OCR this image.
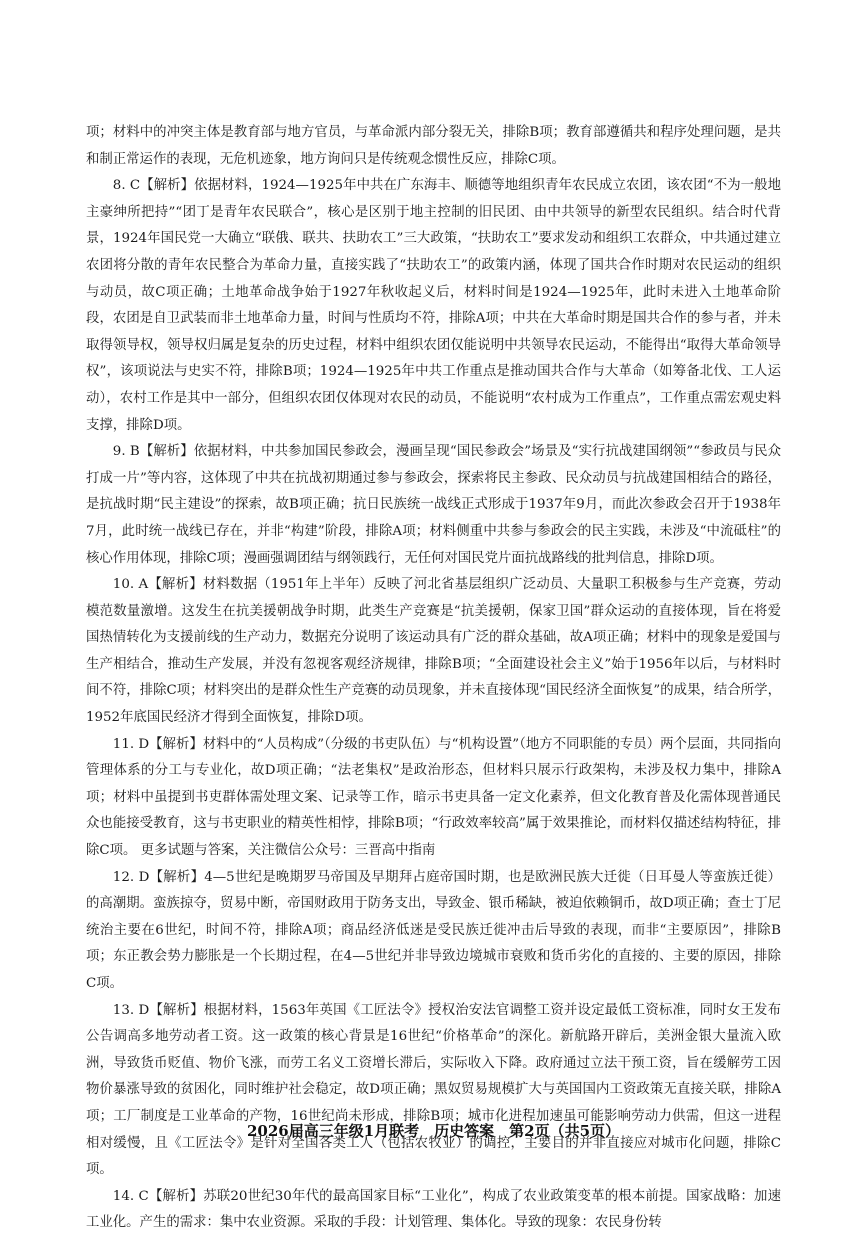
项；材料中的冲突主体是教育部与地方官员，与革命派内部分裂无关，排除B项；教育部遵循共和程序处理问题，是共和制正常运作的表现，无危机迹象，地方询问只是传统观念惯性反应，排除C项。

8. C【解析】依据材料，1924—1925年中共在广东海丰、顺德等地组织青年农民成立农团，该农团“不为一般地主豪绅所把持”“团丁是青年农民联合”，核心是区别于地主控制的旧民团、由中共领导的新型农民组织。结合时代背景，1924年国民党一大确立“联俄、联共、扶助农工”三大政策，“扶助农工”要求发动和组织工农群众，中共通过建立农团将分散的青年农民整合为革命力量，直接实践了“扶助农工”的政策内涵，体现了国共合作时期对农民运动的组织与动员，故C项正确；土地革命战争始于1927年秋收起义后，材料时间是1924—1925年，此时未进入土地革命阶段，农团是自卫武装而非土地革命力量，时间与性质均不符，排除A项；中共在大革命时期是国共合作的参与者，并未取得领导权，领导权归属是复杂的历史过程，材料中组织农团仅能说明中共领导农民运动，不能得出“取得大革命领导权”，该项说法与史实不符，排除B项；1924—1925年中共工作重点是推动国共合作与大革命（如筹备北伐、工人运动），农村工作是其中一部分，但组织农团仅体现对农民的动员，不能说明“农村成为工作重点”，工作重点需宏观史料支撑，排除D项。

9. B【解析】依据材料，中共参加国民参政会，漫画呈现“国民参政会”场景及“实行抗战建国纲领”“参政员与民众打成一片”等内容，这体现了中共在抗战初期通过参与参政会，探索将民主参政、民众动员与抗战建国相结合的路径，是抗战时期“民主建设”的探索，故B项正确；抗日民族统一战线正式形成于1937年9月，而此次参政会召开于1938年7月，此时统一战线已存在，并非“构建”阶段，排除A项；材料侧重中共参与参政会的民主实践，未涉及“中流砥柱”的核心作用体现，排除C项；漫画强调团结与纲领践行，无任何对国民党片面抗战路线的批判信息，排除D项。

10. A【解析】材料数据（1951年上半年）反映了河北省基层组织广泛动员、大量职工积极参与生产竞赛，劳动模范数量激增。这发生在抗美援朝战争时期，此类生产竞赛是“抗美援朝，保家卫国”群众运动的直接体现，旨在将爱国热情转化为支援前线的生产动力，数据充分说明了该运动具有广泛的群众基础，故A项正确；材料中的现象是爱国与生产相结合，推动生产发展，并没有忽视客观经济规律，排除B项；“全面建设社会主义”始于1956年以后，与材料时间不符，排除C项；材料突出的是群众性生产竞赛的动员现象，并未直接体现“国民经济全面恢复”的成果，结合所学，1952年底国民经济才得到全面恢复，排除D项。

11. D【解析】材料中的“人员构成”（分级的书吏队伍）与“机构设置”（地方不同职能的专员）两个层面，共同指向管理体系的分工与专业化，故D项正确；“法老集权”是政治形态，但材料只展示行政架构，未涉及权力集中，排除A项；材料中虽提到书吏群体需处理文案、记录等工作，暗示书吏具备一定文化素养，但文化教育普及化需体现普通民众也能接受教育，这与书吏职业的精英性相悖，排除B项；“行政效率较高”属于效果推论，而材料仅描述结构特征，排除C项。 更多试题与答案，关注微信公众号：三晋高中指南

12. D【解析】4—5世纪是晚期罗马帝国及早期拜占庭帝国时期，也是欧洲民族大迁徙（日耳曼人等蛮族迁徙）的高潮期。蛮族掠夺，贸易中断，帝国财政用于防务支出，导致金、银币稀缺，被迫依赖铜币，故D项正确；查士丁尼统治主要在6世纪，时间不符，排除A项；商品经济低迷是受民族迁徙冲击后导致的表现，而非“主要原因”，排除B项；东正教会势力膨胀是一个长期过程，在4—5世纪并非导致边境城市衰败和货币劣化的直接的、主要的原因，排除C项。

13. D【解析】根据材料，1563年英国《工匠法令》授权治安法官调整工资并设定最低工资标准，同时女王发布公告调高多地劳动者工资。这一政策的核心背景是16世纪“价格革命”的深化。新航路开辟后，美洲金银大量流入欧洲，导致货币贬值、物价飞涨，而劳工名义工资增长滞后，实际收入下降。政府通过立法干预工资，旨在缓解劳工因物价暴涨导致的贫困化，同时维护社会稳定，故D项正确；黑奴贸易规模扩大与英国国内工资政策无直接关联，排除A项；工厂制度是工业革命的产物，16世纪尚未形成，排除B项；城市化进程加速虽可能影响劳动力供需，但这一进程相对缓慢，且《工匠法令》是针对全国各类工人（包括农牧业）的调控，主要目的并非直接应对城市化问题，排除C项。

14. C【解析】苏联20世纪30年代的最高国家目标“工业化”，构成了农业政策变革的根本前提。国家战略：加速工业化。产生的需求：集中农业资源。采取的手段：计划管理、集体化。导致的现象：农民身份转

2026届高三年级1月联考　历史答案　第2页（共5页）
